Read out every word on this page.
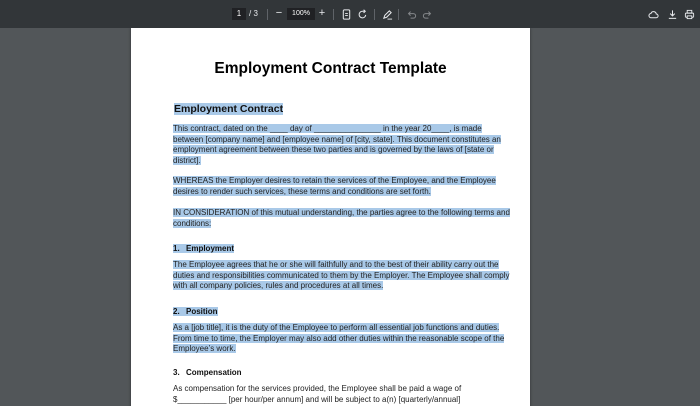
1 / 3 −	100% +
Employment Contract Template
Employment Contract
This contract, dated on the ____ day of _______________ in the year 20____, is made between [company name] and [employee name] of [city, state]. This document constitutes an employment agreement between these two parties and is governed by the laws of [state or district].
WHEREAS the Employer desires to retain the services of the Employee, and the Employee desires to render such services, these terms and conditions are set forth.
IN CONSIDERATION of this mutual understanding, the parties agree to the following terms and conditions:
1. Employment
The Employee agrees that he or she will faithfully and to the best of their ability carry out the duties and responsibilities communicated to them by the Employer. The Employee shall comply with all company policies, rules and procedures at all times.
2. Position
As a [job title], it is the duty of the Employee to perform all essential job functions and duties. From time to time, the Employer may also add other duties within the reasonable scope of the Employee’s work.
3. Compensation
As compensation for the services provided, the Employee shall be paid a wage of $___________ [per hour/per annum] and will be subject to a(n) [quarterly/annual]
